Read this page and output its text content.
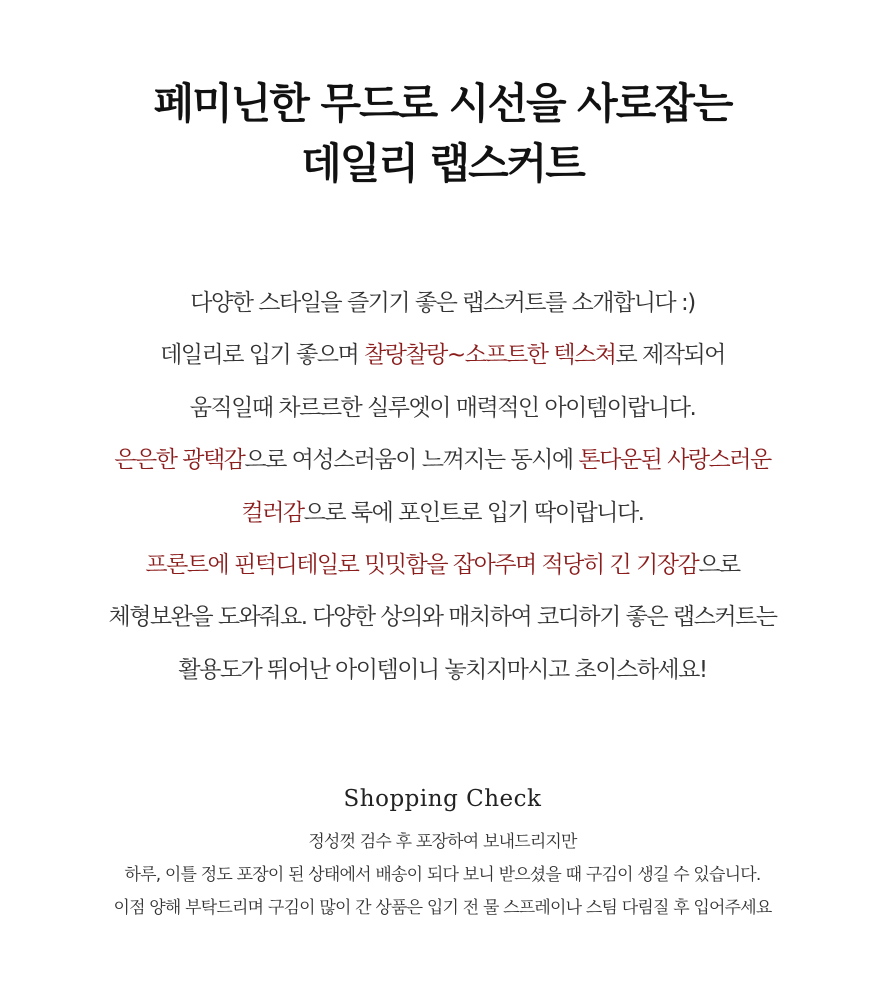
페미닌한 무드로 시선을 사로잡는
데일리 랩스커트
다양한 스타일을 즐기기 좋은 랩스커트를 소개합니다 :)
데일리로 입기 좋으며 찰랑찰랑~소프트한 텍스쳐로 제작되어
움직일때 차르르한 실루엣이 매력적인 아이템이랍니다.
은은한 광택감으로 여성스러움이 느껴지는 동시에 톤다운된 사랑스러운
컬러감으로 룩에 포인트로 입기 딱이랍니다.
프론트에 핀턱디테일로 밋밋함을 잡아주며 적당히 긴 기장감으로
체형보완을 도와줘요. 다양한 상의와 매치하여 코디하기 좋은 랩스커트는
활용도가 뛰어난 아이템이니 놓치지마시고 초이스하세요!
Shopping Check
정성껏 검수 후 포장하여 보내드리지만
하루, 이틀 정도 포장이 된 상태에서 배송이 되다 보니 받으셨을 때 구김이 생길 수 있습니다.
이점 양해 부탁드리며 구김이 많이 간 상품은 입기 전 물 스프레이나 스팀 다림질 후 입어주세요
